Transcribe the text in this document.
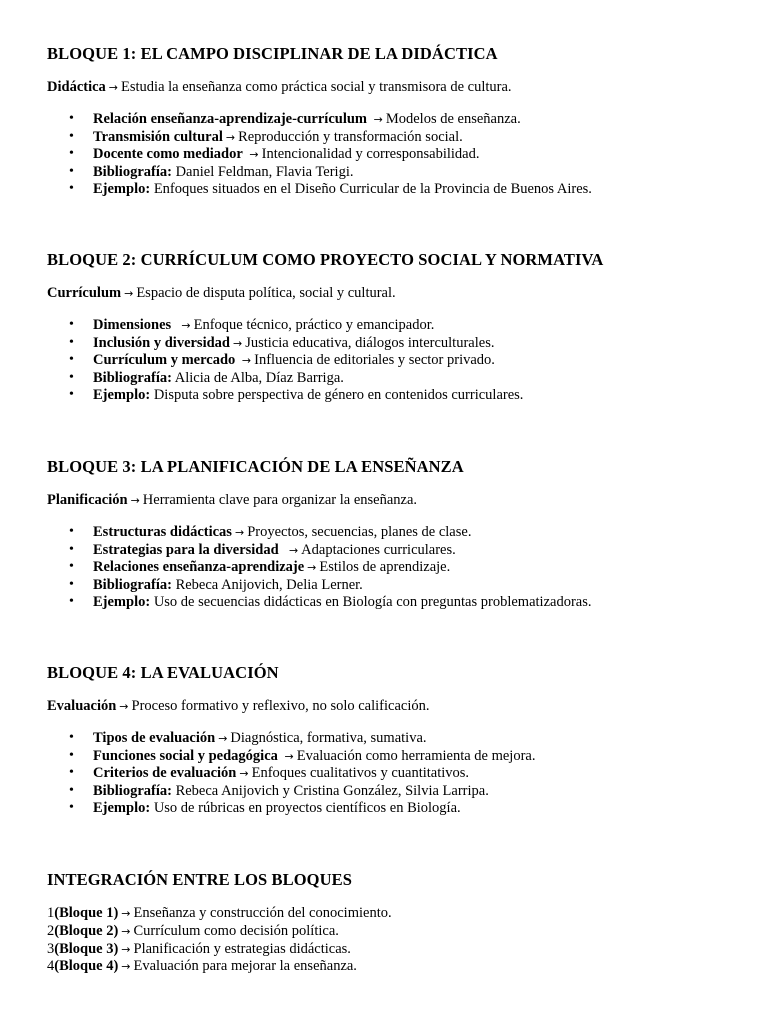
BLOQUE 1: EL CAMPO DISCIPLINAR DE LA DIDÁCTICA
Didáctica → Estudia la enseñanza como práctica social y transmisora de cultura.
• Relación enseñanza-aprendizaje-currículum → Modelos de enseñanza.
• Transmisión cultural → Reproducción y transformación social.
• Docente como mediador → Intencionalidad y corresponsabilidad.
• Bibliografía: Daniel Feldman, Flavia Terigi.
• Ejemplo: Enfoques situados en el Diseño Curricular de la Provincia de Buenos Aires.
BLOQUE 2: CURRÍCULUM COMO PROYECTO SOCIAL Y NORMATIVA
Currículum → Espacio de disputa política, social y cultural.
• Dimensiones → Enfoque técnico, práctico y emancipador.
• Inclusión y diversidad → Justicia educativa, diálogos interculturales.
• Currículum y mercado → Influencia de editoriales y sector privado.
• Bibliografía: Alicia de Alba, Díaz Barriga.
• Ejemplo: Disputa sobre perspectiva de género en contenidos curriculares.
BLOQUE 3: LA PLANIFICACIÓN DE LA ENSEÑANZA
Planificación → Herramienta clave para organizar la enseñanza.
• Estructuras didácticas → Proyectos, secuencias, planes de clase.
• Estrategias para la diversidad → Adaptaciones curriculares.
• Relaciones enseñanza-aprendizaje → Estilos de aprendizaje.
• Bibliografía: Rebeca Anijovich, Delia Lerner.
• Ejemplo: Uso de secuencias didácticas en Biología con preguntas problematizadoras.
BLOQUE 4: LA EVALUACIÓN
Evaluación → Proceso formativo y reflexivo, no solo calificación.
• Tipos de evaluación → Diagnóstica, formativa, sumativa.
• Funciones social y pedagógica → Evaluación como herramienta de mejora.
• Criterios de evaluación → Enfoques cualitativos y cuantitativos.
• Bibliografía: Rebeca Anijovich y Cristina González, Silvia Larripa.
• Ejemplo: Uso de rúbricas en proyectos científicos en Biología.
INTEGRACIÓN ENTRE LOS BLOQUES
1(Bloque 1) → Enseñanza y construcción del conocimiento.
2(Bloque 2) → Currículum como decisión política.
3(Bloque 3) → Planificación y estrategias didácticas.
4(Bloque 4) → Evaluación para mejorar la enseñanza.
